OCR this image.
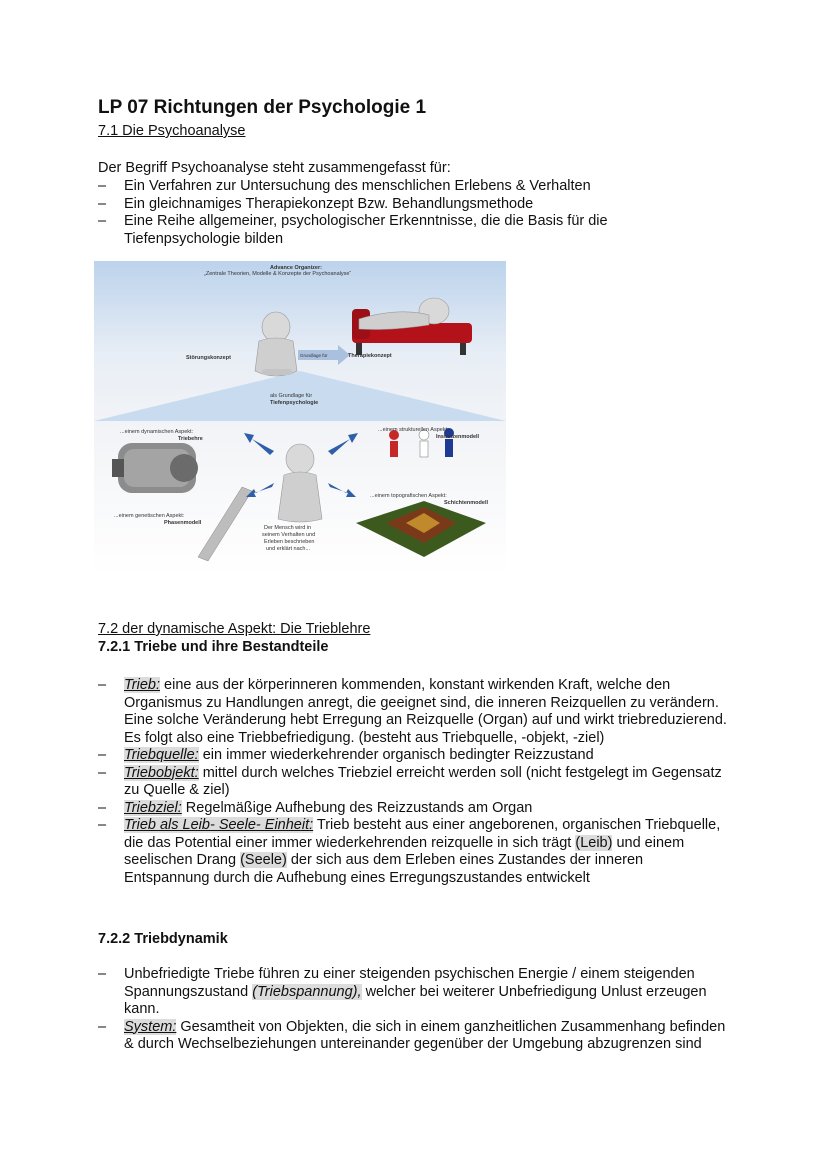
LP 07 Richtungen der Psychologie 1

7.1 Die Psychoanalyse

Der Begriff Psychoanalyse steht zusammengefasst für:

– Ein Verfahren zur Untersuchung des menschlichen Erlebens & Verhalten
– Ein gleichnamiges Therapiekonzept Bzw. Behandlungsmethode
– Eine Reihe allgemeiner, psychologischer Erkenntnisse, die die Basis für die Tiefenpsychologie bilden
Advance Organizer:
„Zentrale Theorien, Modelle & Konzepte der Psychoanalyse“
Störungskonzept	Grundlage für	Therapiekonzept
als Grundlage für
Tiefenpsychologie
...einem dynamischen Aspekt:
Triebehre
...einem strukturellen Aspekt:
Instanzenmodell
...einem topografischen Aspekt:
Schichtenmodell
...einem genetischen Aspekt:
Phasenmodell
Der Mensch wird in
seinem Verhalten und
Erleben beschrieben
und erklärt nach...

7.2 der dynamische Aspekt: Die Trieblehre

7.2.1 Triebe und ihre Bestandteile

– Trieb: eine aus der körperinneren kommenden, konstant wirkenden Kraft, welche den Organismus zu Handlungen anregt, die geeignet sind, die inneren Reizquellen zu verändern. Eine solche Veränderung hebt Erregung an Reizquelle (Organ) auf und wirkt triebreduzierend. Es folgt also eine Triebbefriedigung. (besteht aus Triebquelle, -objekt, -ziel)
– Triebquelle: ein immer wiederkehrender organisch bedingter Reizzustand
– Triebobjekt: mittel durch welches Triebziel erreicht werden soll (nicht festgelegt im Gegensatz zu Quelle & ziel)
– Triebziel: Regelmäßige Aufhebung des Reizzustands am Organ
– Trieb als Leib- Seele- Einheit: Trieb besteht aus einer angeborenen, organischen Triebquelle, die das Potential einer immer wiederkehrenden reizquelle in sich trägt (Leib) und einem seelischen Drang (Seele) der sich aus dem Erleben eines Zustandes der inneren Entspannung durch die Aufhebung eines Erregungszustandes entwickelt

7.2.2 Triebdynamik

– Unbefriedigte Triebe führen zu einer steigenden psychischen Energie / einem steigenden Spannungszustand (Triebspannung), welcher bei weiterer Unbefriedigung Unlust erzeugen kann.
– System: Gesamtheit von Objekten, die sich in einem ganzheitlichen Zusammenhang befinden & durch Wechselbeziehungen untereinander gegenüber der Umgebung abzugrenzen sind
